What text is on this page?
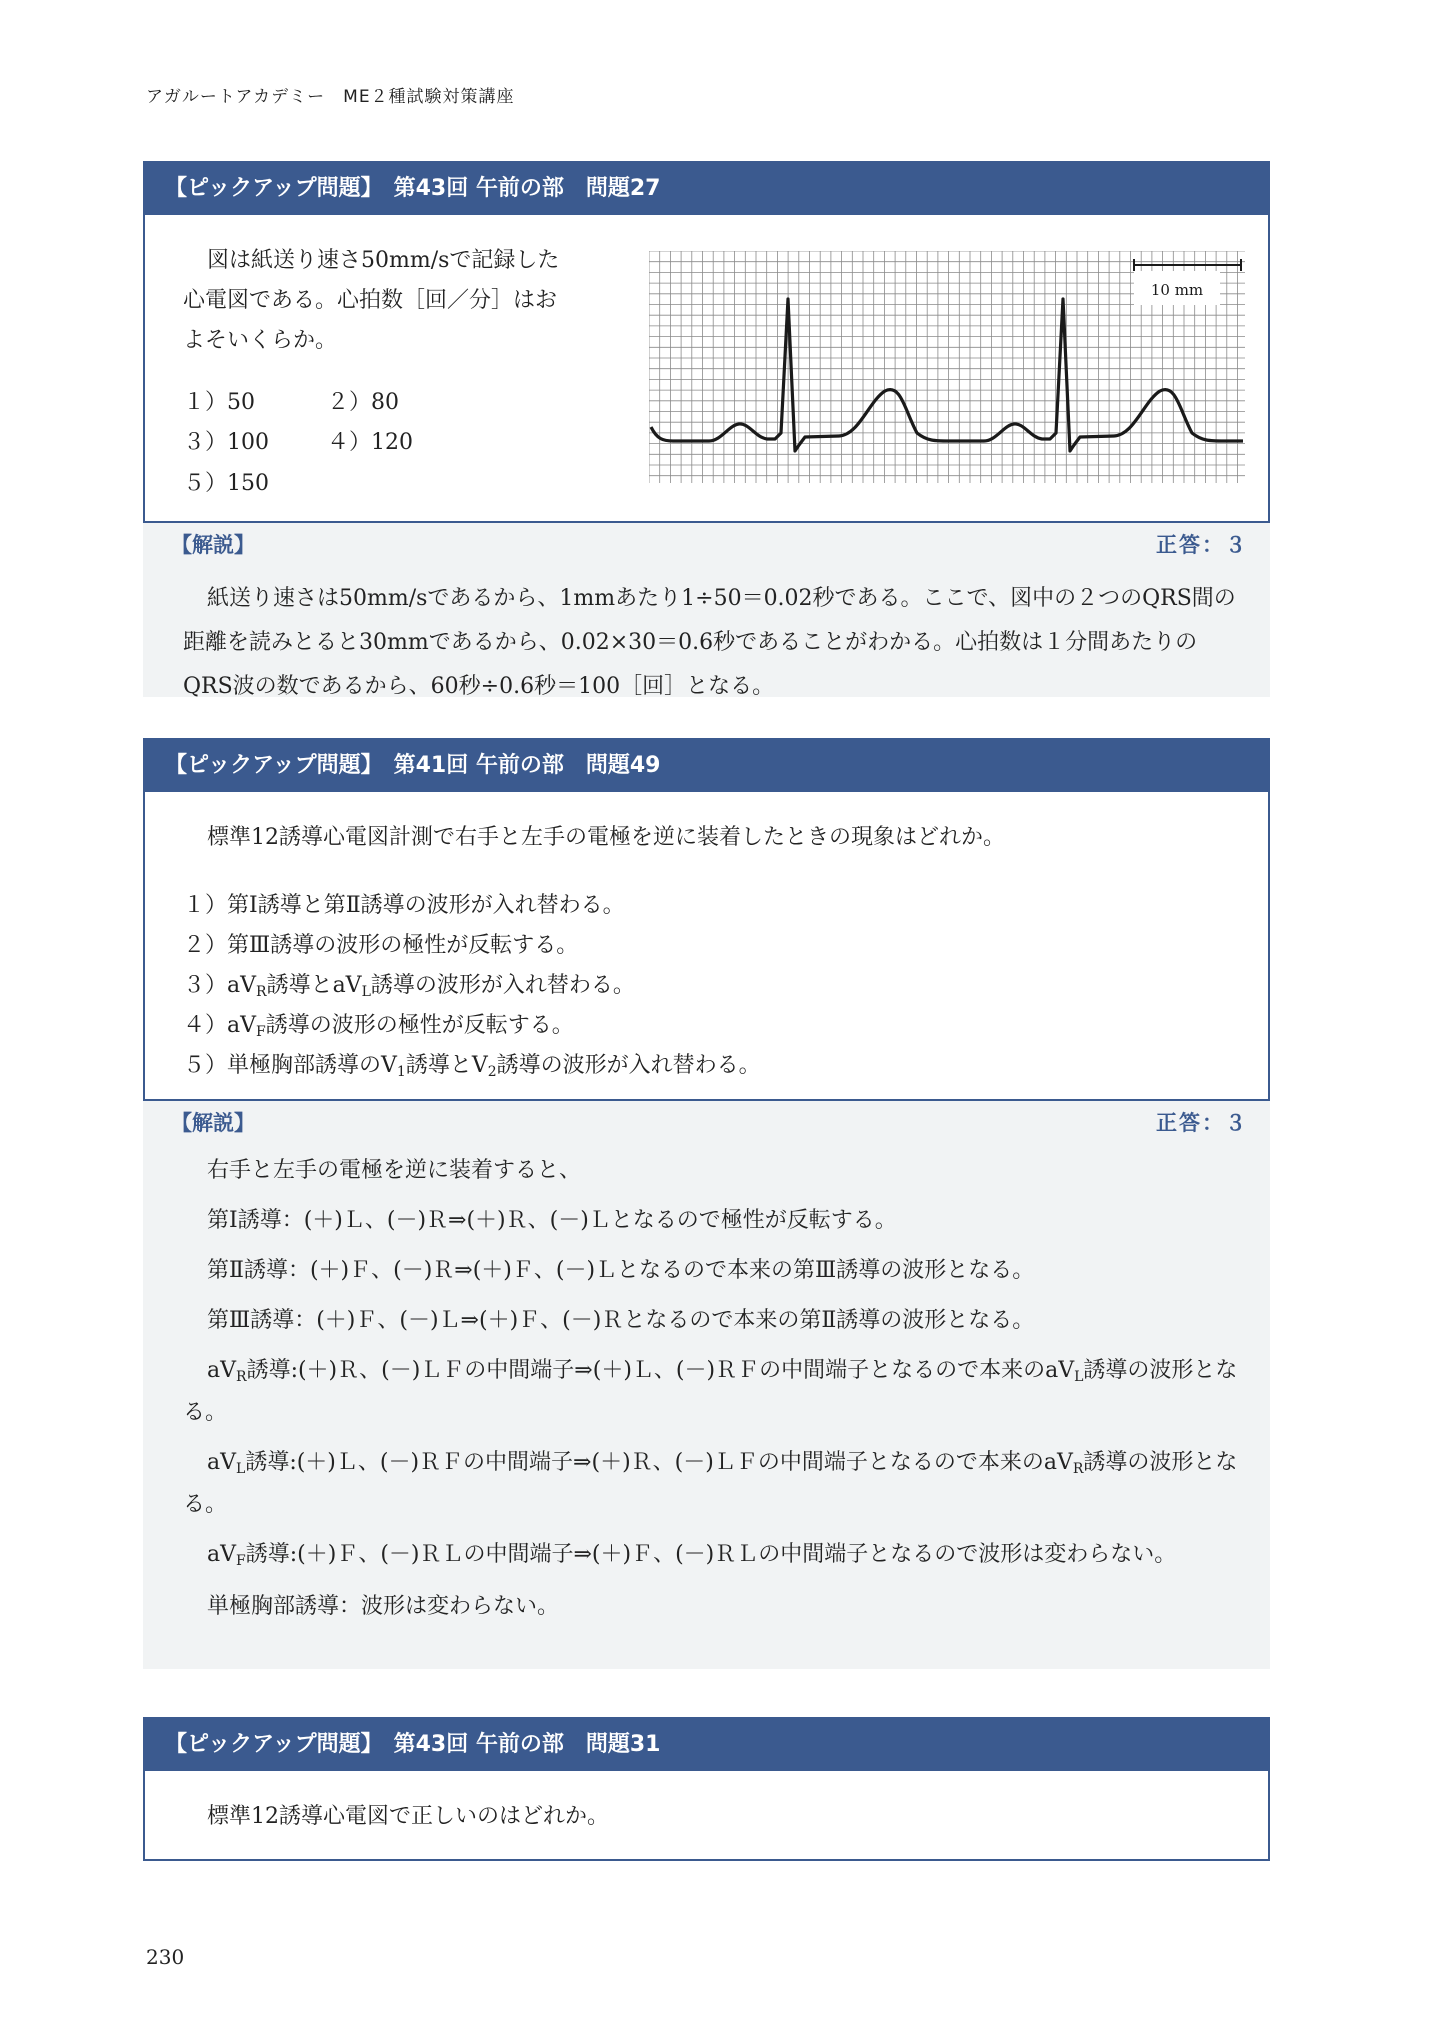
アガルートアカデミー　ME２種試験対策講座
【ピックアップ問題】　第43回 午前の部　問題27
図は紙送り速さ50mm/sで記録した
心電図である。心拍数［回／分］はお
よそいくらか。
１）50	２）80
３）100	４）120
５）150
10 mm
【解説】	正答：３

紙送り速さは50mm/sであるから、1mmあたり1÷50＝0.02秒である。ここで、図中の２つのQRS間の距離を読みとると30mmであるから、0.02×30＝0.6秒であることがわかる。心拍数は１分間あたりのQRS波の数であるから、60秒÷0.6秒＝100［回］となる。

【ピックアップ問題】　第41回 午前の部　問題49
標準12誘導心電図計測で右手と左手の電極を逆に装着したときの現象はどれか。
１）第Ⅰ誘導と第Ⅱ誘導の波形が入れ替わる。
２）第Ⅲ誘導の波形の極性が反転する。
$3)aV_R$誘導と$aV_L$誘導の波形が入れ替わる。
$4)aV_F$誘導の波形の極性が反転する。
５）単極胸部誘導の$V_1$誘導と$V_2$誘導の波形が入れ替わる。
【解説】	正答：３

右手と左手の電極を逆に装着すると、

第Ⅰ誘導：(＋)Ｌ、(－)Ｒ⇒(＋)Ｒ、(－)Ｌとなるので極性が反転する。

第Ⅱ誘導：(＋)Ｆ、(－)Ｒ⇒(＋)Ｆ、(－)Ｌとなるので本来の第Ⅲ誘導の波形となる。

第Ⅲ誘導：(＋)Ｆ、(－)Ｌ⇒(＋)Ｆ、(－)Ｒとなるので本来の第Ⅱ誘導の波形となる。

$aV_R$誘導:(＋)Ｒ、(－)ＬＦの中間端子⇒(＋)Ｌ、(－)ＲＦの中間端子となるので本来の$aV_L$誘導の波形となる。

$aV_L$誘導:(＋)Ｌ、(－)ＲＦの中間端子⇒(＋)Ｒ、(－)ＬＦの中間端子となるので本来の$aV_R$誘導の波形となる。

$aV_F$誘導:(＋)Ｆ、(－)ＲＬの中間端子⇒(＋)Ｆ、(－)ＲＬの中間端子となるので波形は変わらない。

単極胸部誘導：波形は変わらない。

【ピックアップ問題】　第43回 午前の部　問題31
標準12誘導心電図で正しいのはどれか。
230
